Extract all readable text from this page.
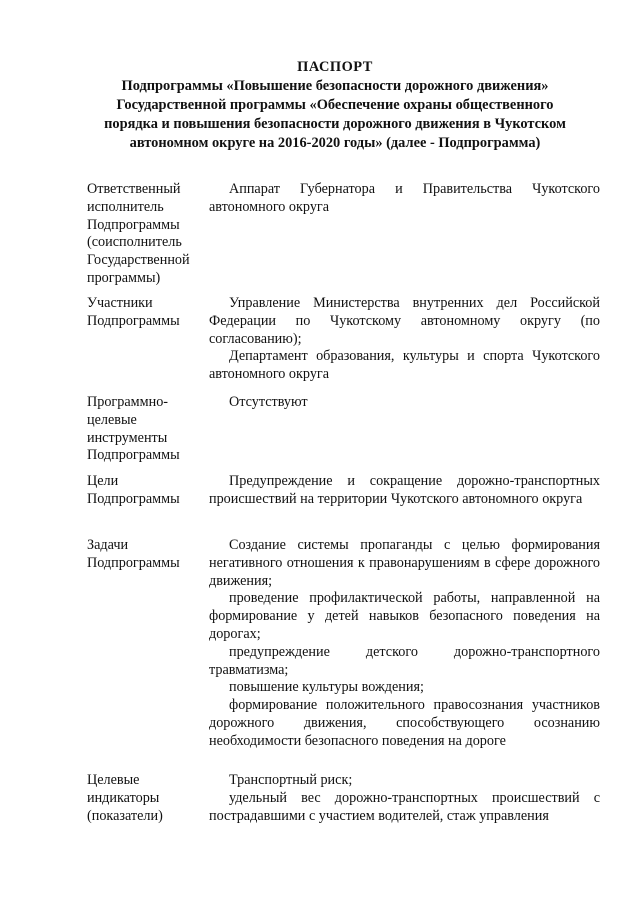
ПАСПОРТ
Подпрограммы «Повышение безопасности дорожного движения»
Государственной программы «Обеспечение охраны общественного
порядка и повышения безопасности дорожного движения в Чукотском
автономном округе на 2016-2020 годы» (далее - Подпрограмма)
Ответственный
исполнитель
Подпрограммы
(соисполнитель
Государственной
программы)

Аппарат Губернатора и Правительства Чукотского автономного округа

Участники
Подпрограммы

Управление Министерства внутренних дел Российской Федерации по Чукотскому автономному округу (по согласованию);

Департамент образования, культуры и спорта Чукотского автономного округа

Программно-
целевые
инструменты
Подпрограммы

Отсутствуют

Цели
Подпрограммы

Предупреждение и сокращение дорожно-транспортных происшествий на территории Чукотского автономного округа

Задачи
Подпрограммы

Создание системы пропаганды с целью формирования негативного отношения к правонарушениям в сфере дорожного движения;

проведение профилактической работы, направленной на формирование у детей навыков безопасного поведения на дорогах;

предупреждение детского дорожно-транспортного травматизма;

повышение культуры вождения;

формирование положительного правосознания участников дорожного движения, способствующего осознанию необходимости безопасного поведения на дороге

Целевые
индикаторы
(показатели)

Транспортный риск;

удельный вес дорожно-транспортных происшествий с пострадавшими с участием водителей, стаж управления
